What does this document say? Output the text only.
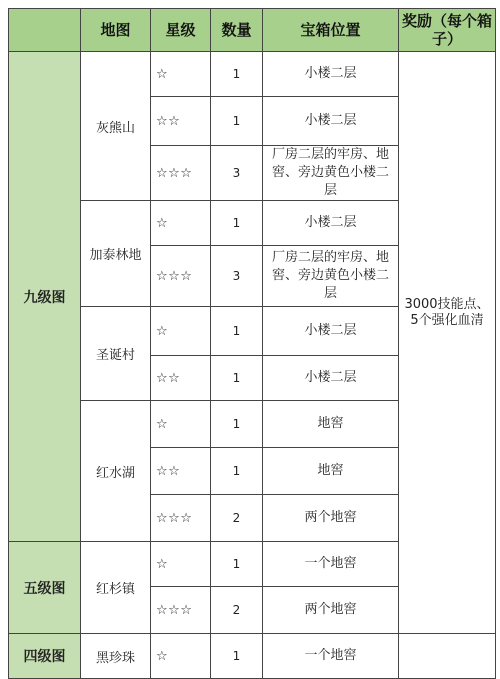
	地图	星级	数量	宝箱位置	奖励（每个箱子）
九级图	灰熊山	☆	1	小楼二层	3000技能点、5个强化血清
		☆☆	1	小楼二层	
		☆☆☆	3	厂房二层的牢房、地窖、旁边黄色小楼二层	
	加泰林地	☆	1	小楼二层	
		☆☆☆	3	厂房二层的牢房、地窖、旁边黄色小楼二层	
	圣诞村	☆	1	小楼二层	
		☆☆	1	小楼二层	
	红水湖	☆	1	地窖	
		☆☆	1	地窖	
		☆☆☆	2	两个地窖	
五级图	红杉镇	☆	1	一个地窖	
		☆☆☆	2	两个地窖	
四级图	黑珍珠	☆	1	一个地窖	
